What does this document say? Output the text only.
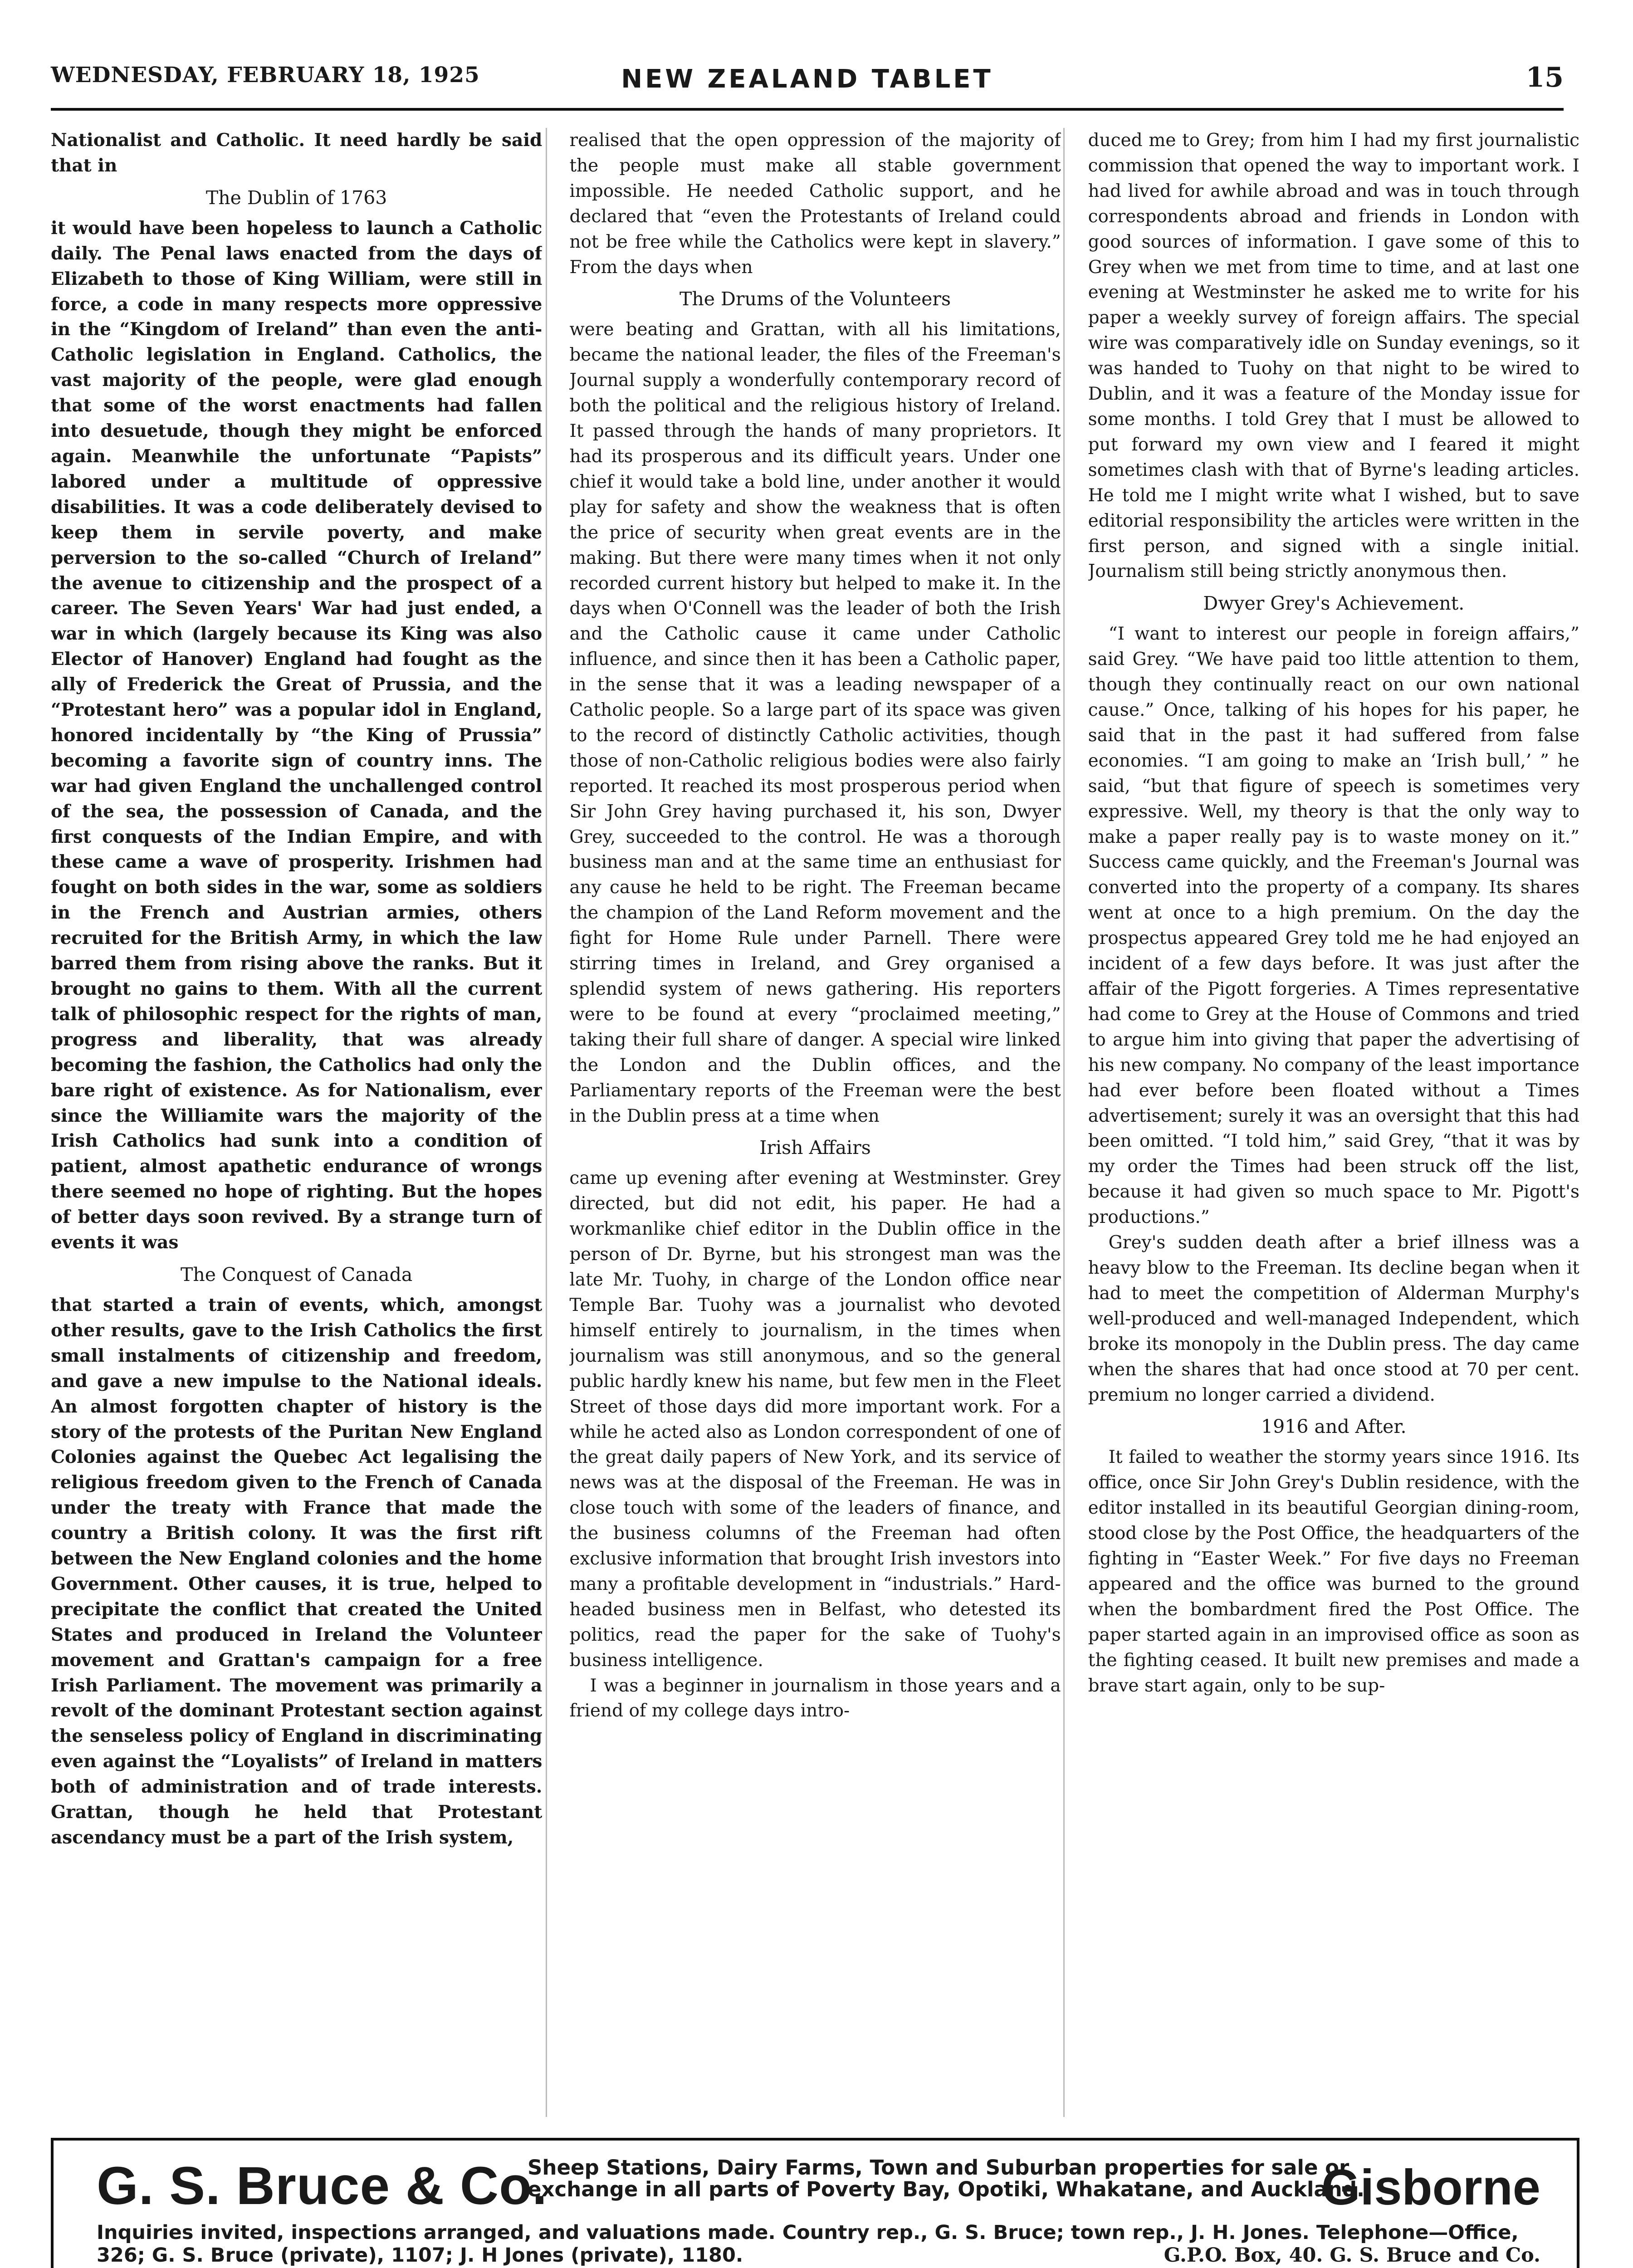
WEDNESDAY, FEBRUARY 18, 1925	NEW ZEALAND TABLET	15

Nationalist and Catholic. It need hardly be said that in

The Dublin of 1763

it would have been hopeless to launch a Catholic daily. The Penal laws enacted from the days of Elizabeth to those of King William, were still in force, a code in many respects more oppressive in the “Kingdom of Ireland” than even the anti-Catholic legislation in England. Catholics, the vast majority of the people, were glad enough that some of the worst enactments had fallen into desuetude, though they might be enforced again. Meanwhile the unfortunate “Papists” labored under a multitude of oppressive disabilities. It was a code deliberately devised to keep them in servile poverty, and make perversion to the so-called “Church of Ireland” the avenue to citizenship and the prospect of a career. The Seven Years' War had just ended, a war in which (largely because its King was also Elector of Hanover) England had fought as the ally of Frederick the Great of Prussia, and the “Protestant hero” was a popular idol in England, honored incidentally by “the King of Prussia” becoming a favorite sign of country inns. The war had given England the unchallenged control of the sea, the possession of Canada, and the first conquests of the Indian Empire, and with these came a wave of prosperity. Irishmen had fought on both sides in the war, some as soldiers in the French and Austrian armies, others recruited for the British Army, in which the law barred them from rising above the ranks. But it brought no gains to them. With all the current talk of philosophic respect for the rights of man, progress and liberality, that was already becoming the fashion, the Catholics had only the bare right of existence. As for Nationalism, ever since the Williamite wars the majority of the Irish Catholics had sunk into a condition of patient, almost apathetic endurance of wrongs there seemed no hope of righting. But the hopes of better days soon revived. By a strange turn of events it was

The Conquest of Canada

that started a train of events, which, amongst other results, gave to the Irish Catholics the first small instalments of citizenship and freedom, and gave a new impulse to the National ideals. An almost forgotten chapter of history is the story of the protests of the Puritan New England Colonies against the Quebec Act legalising the religious freedom given to the French of Canada under the treaty with France that made the country a British colony. It was the first rift between the New England colonies and the home Government. Other causes, it is true, helped to precipitate the conflict that created the United States and produced in Ireland the Volunteer movement and Grattan's campaign for a free Irish Parliament. The movement was primarily a revolt of the dominant Protestant section against the senseless policy of England in discriminating even against the “Loyalists” of Ireland in matters both of administration and of trade interests. Grattan, though he held that Protestant ascendancy must be a part of the Irish system,

realised that the open oppression of the majority of the people must make all stable government impossible. He needed Catholic support, and he declared that “even the Protestants of Ireland could not be free while the Catholics were kept in slavery.” From the days when

The Drums of the Volunteers

were beating and Grattan, with all his limitations, became the national leader, the files of the Freeman's Journal supply a wonderfully contemporary record of both the political and the religious history of Ireland. It passed through the hands of many proprietors. It had its prosperous and its difficult years. Under one chief it would take a bold line, under another it would play for safety and show the weakness that is often the price of security when great events are in the making. But there were many times when it not only recorded current history but helped to make it. In the days when O'Connell was the leader of both the Irish and the Catholic cause it came under Catholic influence, and since then it has been a Catholic paper, in the sense that it was a leading newspaper of a Catholic people. So a large part of its space was given to the record of distinctly Catholic activities, though those of non-Catholic religious bodies were also fairly reported. It reached its most prosperous period when Sir John Grey having purchased it, his son, Dwyer Grey, succeeded to the control. He was a thorough business man and at the same time an enthusiast for any cause he held to be right. The Freeman became the champion of the Land Reform movement and the fight for Home Rule under Parnell. There were stirring times in Ireland, and Grey organised a splendid system of news gathering. His reporters were to be found at every “proclaimed meeting,” taking their full share of danger. A special wire linked the London and the Dublin offices, and the Parliamentary reports of the Freeman were the best in the Dublin press at a time when

Irish Affairs

came up evening after evening at Westminster. Grey directed, but did not edit, his paper. He had a workmanlike chief editor in the Dublin office in the person of Dr. Byrne, but his strongest man was the late Mr. Tuohy, in charge of the London office near Temple Bar. Tuohy was a journalist who devoted himself entirely to journalism, in the times when journalism was still anonymous, and so the general public hardly knew his name, but few men in the Fleet Street of those days did more important work. For a while he acted also as London correspondent of one of the great daily papers of New York, and its service of news was at the disposal of the Freeman. He was in close touch with some of the leaders of finance, and the business columns of the Freeman had often exclusive information that brought Irish investors into many a profitable development in “industrials.” Hard-headed business men in Belfast, who detested its politics, read the paper for the sake of Tuohy's business intelligence.

I was a beginner in journalism in those years and a friend of my college days intro-

duced me to Grey; from him I had my first journalistic commission that opened the way to important work. I had lived for awhile abroad and was in touch through correspondents abroad and friends in London with good sources of information. I gave some of this to Grey when we met from time to time, and at last one evening at Westminster he asked me to write for his paper a weekly survey of foreign affairs. The special wire was comparatively idle on Sunday evenings, so it was handed to Tuohy on that night to be wired to Dublin, and it was a feature of the Monday issue for some months. I told Grey that I must be allowed to put forward my own view and I feared it might sometimes clash with that of Byrne's leading articles. He told me I might write what I wished, but to save editorial responsibility the articles were written in the first person, and signed with a single initial. Journalism still being strictly anonymous then.

Dwyer Grey's Achievement.

“I want to interest our people in foreign affairs,” said Grey. “We have paid too little attention to them, though they continually react on our own national cause.” Once, talking of his hopes for his paper, he said that in the past it had suffered from false economies. “I am going to make an ‘Irish bull,’ ” he said, “but that figure of speech is sometimes very expressive. Well, my theory is that the only way to make a paper really pay is to waste money on it.” Success came quickly, and the Freeman's Journal was converted into the property of a company. Its shares went at once to a high premium. On the day the prospectus appeared Grey told me he had enjoyed an incident of a few days before. It was just after the affair of the Pigott forgeries. A Times representative had come to Grey at the House of Commons and tried to argue him into giving that paper the advertising of his new company. No company of the least importance had ever before been floated without a Times advertisement; surely it was an oversight that this had been omitted. “I told him,” said Grey, “that it was by my order the Times had been struck off the list, because it had given so much space to Mr. Pigott's productions.”

Grey's sudden death after a brief illness was a heavy blow to the Freeman. Its decline began when it had to meet the competition of Alderman Murphy's well-produced and well-managed Independent, which broke its monopoly in the Dublin press. The day came when the shares that had once stood at 70 per cent. premium no longer carried a dividend.

1916 and After.

It failed to weather the stormy years since 1916. Its office, once Sir John Grey's Dublin residence, with the editor installed in its beautiful Georgian dining-room, stood close by the Post Office, the headquarters of the fighting in “Easter Week.” For five days no Freeman appeared and the office was burned to the ground when the bombardment fired the Post Office. The paper started again in an improvised office as soon as the fighting ceased. It built new premises and made a brave start again, only to be sup-

G. S. Bruce & Co.
Sheep Stations, Dairy Farms, Town and Suburban properties for sale or exchange in all parts of Poverty Bay, Opotiki, Whakatane, and Auckland.
Gisborne
Inquiries invited, inspections arranged, and valuations made. Country rep., G. S. Bruce; town rep., J. H. Jones. Telephone—Office, 326; G. S. Bruce (private), 1107; J. H Jones (private), 1180.	G.P.O. Box, 40. G. S. Bruce and Co.
